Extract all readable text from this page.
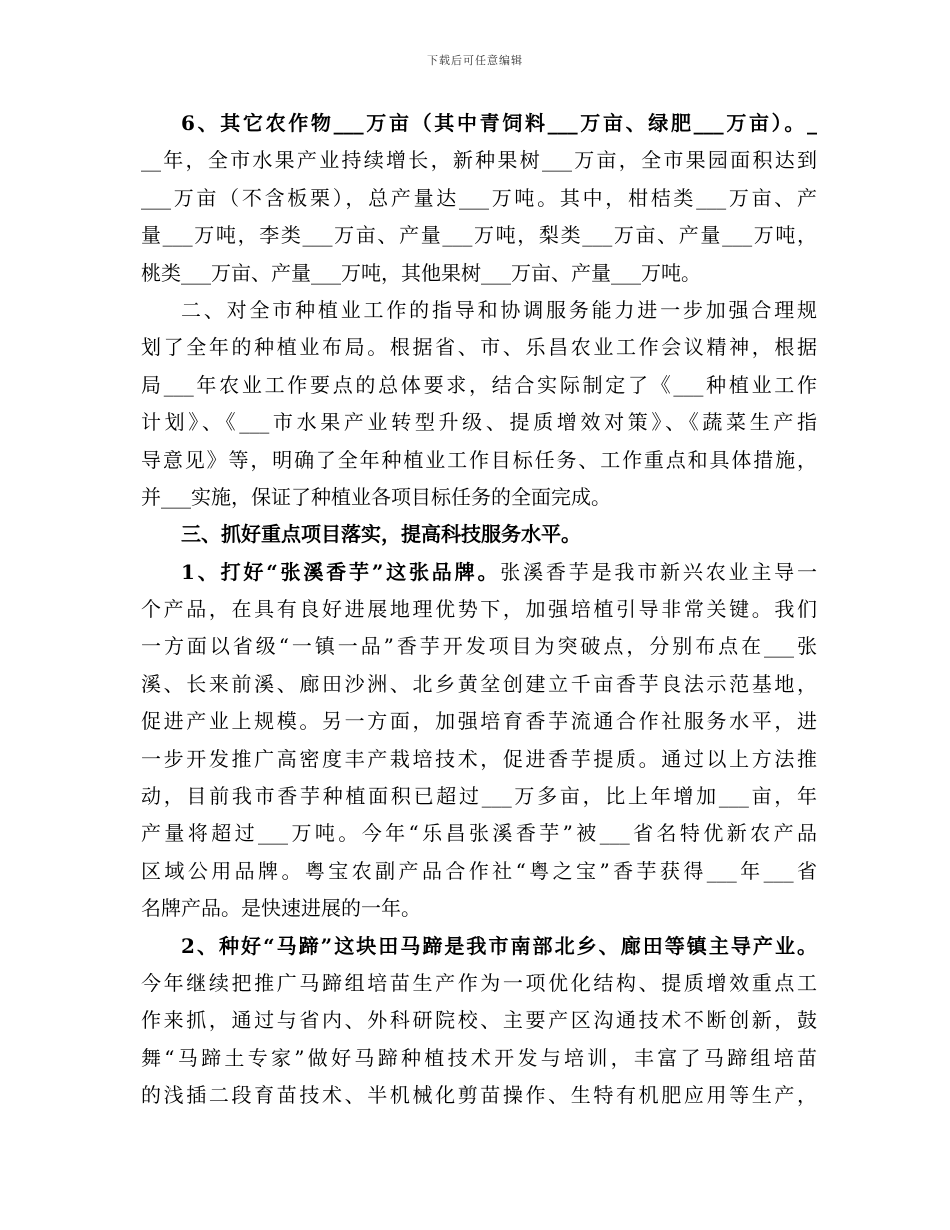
下载后可任意编辑
6、其它农作物___万亩（其中青饲料___万亩、绿肥___万亩）。_
__年，全市水果产业持续增长，新种果树___万亩，全市果园面积达到
___万亩（不含板栗），总产量达___万吨。其中，柑桔类___万亩、产
量___万吨，李类___万亩、产量___万吨，梨类___万亩、产量___万吨，
桃类___万亩、产量___万吨，其他果树___万亩、产量___万吨。
二、对全市种植业工作的指导和协调服务能力进一步加强合理规
划了全年的种植业布局。根据省、市、乐昌农业工作会议精神，根据
局___年农业工作要点的总体要求，结合实际制定了《___种植业工作
计划》、《___市水果产业转型升级、提质增效对策》、《蔬菜生产指
导意见》等，明确了全年种植业工作目标任务、工作重点和具体措施，
并___实施，保证了种植业各项目标任务的全面完成。
三、抓好重点项目落实，提高科技服务水平。
1、打好“张溪香芋”这张品牌。张溪香芋是我市新兴农业主导一
个产品，在具有良好进展地理优势下，加强培植引导非常关键。我们
一方面以省级“一镇一品”香芋开发项目为突破点，分别布点在___张
溪、长来前溪、廊田沙洲、北乡黄坌创建立千亩香芋良法示范基地，
促进产业上规模。另一方面，加强培育香芋流通合作社服务水平，进
一步开发推广高密度丰产栽培技术，促进香芋提质。通过以上方法推
动，目前我市香芋种植面积已超过___万多亩，比上年增加___亩，年
产量将超过___万吨。今年“乐昌张溪香芋”被___省名特优新农产品
区域公用品牌。粤宝农副产品合作社“粤之宝”香芋获得___年___省
名牌产品。是快速进展的一年。
2、种好“马蹄”这块田马蹄是我市南部北乡、廊田等镇主导产业。
今年继续把推广马蹄组培苗生产作为一项优化结构、提质增效重点工
作来抓，通过与省内、外科研院校、主要产区沟通技术不断创新，鼓
舞“马蹄土专家”做好马蹄种植技术开发与培训，丰富了马蹄组培苗
的浅插二段育苗技术、半机械化剪苗操作、生特有机肥应用等生产，
